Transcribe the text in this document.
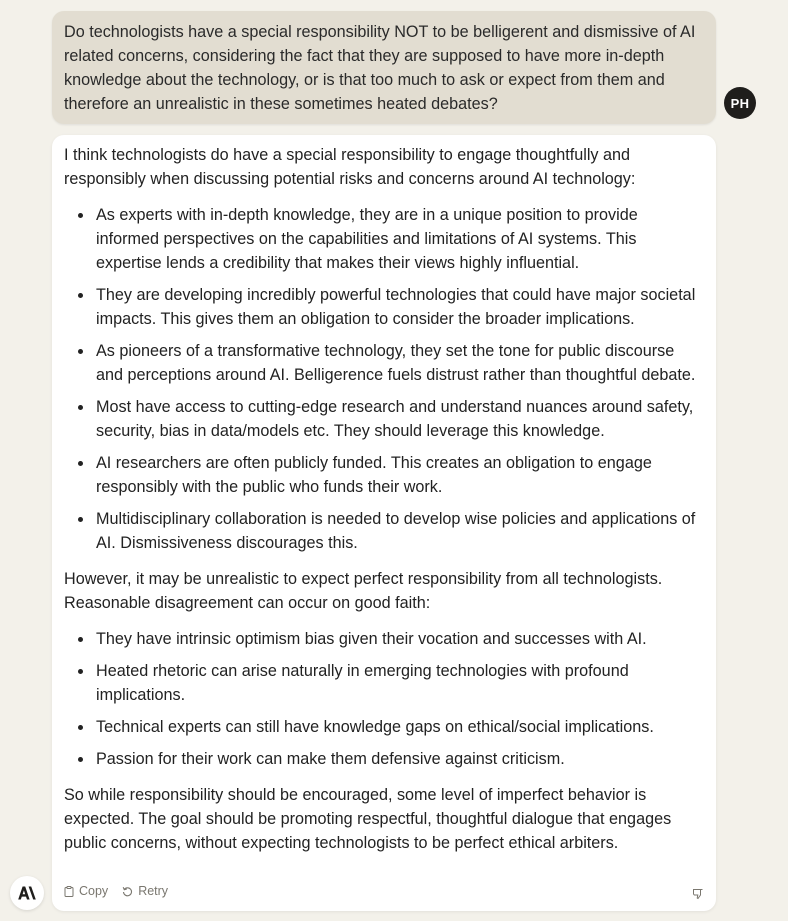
Do technologists have a special responsibility NOT to be belligerent and dismissive of AI related concerns, considering the fact that they are supposed to have more in-depth knowledge about the technology, or is that too much to ask or expect from them and therefore an unrealistic in these sometimes heated debates?	PH

I think technologists do have a special responsibility to engage thoughtfully and responsibly when discussing potential risks and concerns around AI technology:

As experts with in-depth knowledge, they are in a unique position to provide informed perspectives on the capabilities and limitations of AI systems. This expertise lends a credibility that makes their views highly influential.
They are developing incredibly powerful technologies that could have major societal impacts. This gives them an obligation to consider the broader implications.
As pioneers of a transformative technology, they set the tone for public discourse and perceptions around AI. Belligerence fuels distrust rather than thoughtful debate.
Most have access to cutting-edge research and understand nuances around safety, security, bias in data/models etc. They should leverage this knowledge.
AI researchers are often publicly funded. This creates an obligation to engage responsibly with the public who funds their work.
Multidisciplinary collaboration is needed to develop wise policies and applications of AI. Dismissiveness discourages this.

However, it may be unrealistic to expect perfect responsibility from all technologists. Reasonable disagreement can occur on good faith:

They have intrinsic optimism bias given their vocation and successes with AI.
Heated rhetoric can arise naturally in emerging technologies with profound implications.
Technical experts can still have knowledge gaps on ethical/social implications.
Passion for their work can make them defensive against criticism.

So while responsibility should be encouraged, some level of imperfect behavior is expected. The goal should be promoting respectful, thoughtful dialogue that engages public concerns, without expecting technologists to be perfect ethical arbiters.

Copy Retry
